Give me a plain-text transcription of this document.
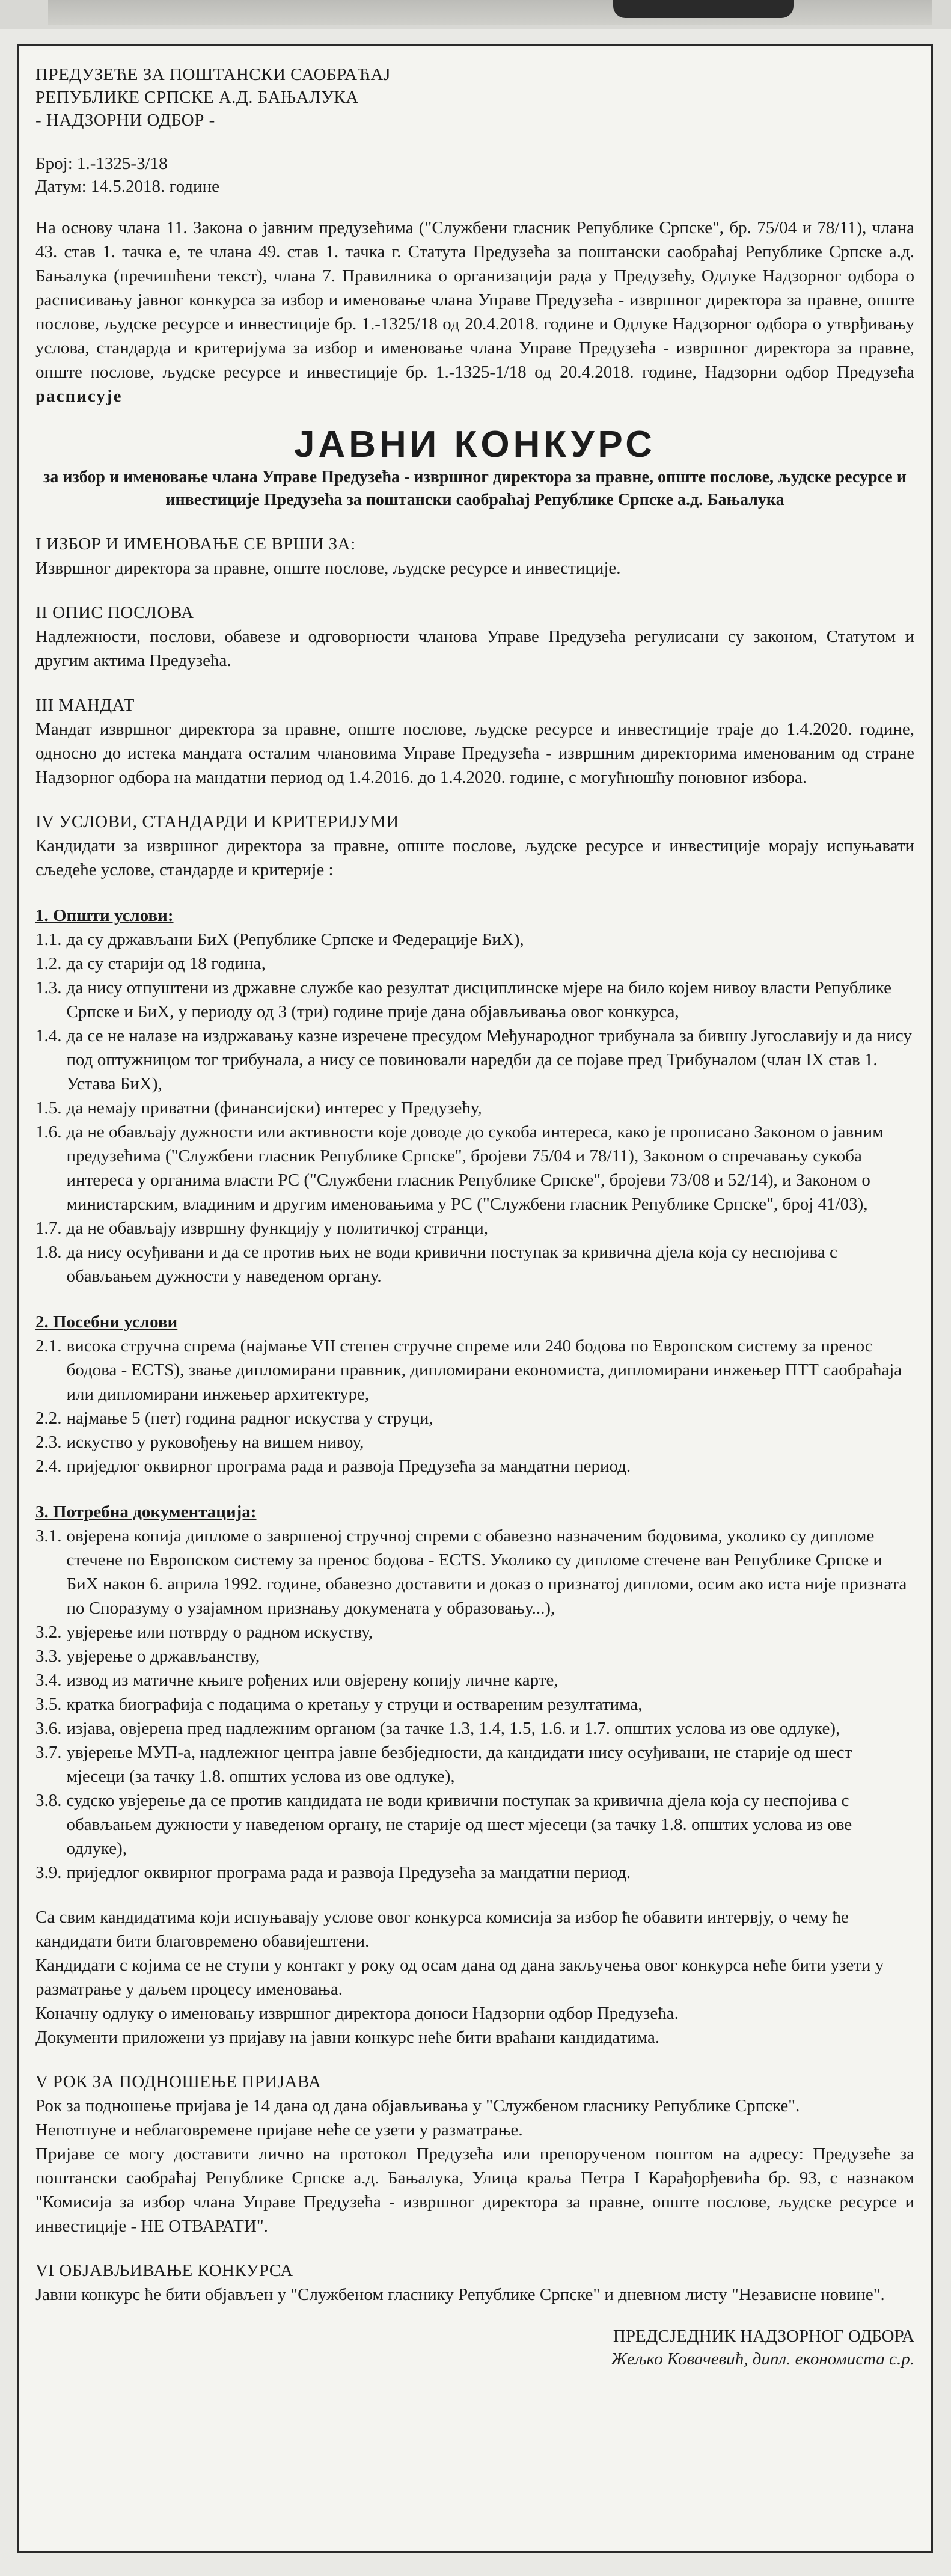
ПРЕДУЗЕЋЕ ЗА ПОШТАНСКИ САОБРАЋАЈ
РЕПУБЛИКЕ СРПСКЕ А.Д. БАЊАЛУКА
- НАДЗОРНИ ОДБОР -
Број: 1.-1325-3/18
Датум: 14.5.2018. године

На основу члана 11. Закона о јавним предузећима ("Службени гласник Републике Српске", бр. 75/04 и 78/11), члана 43. став 1. тачка е, те члана 49. став 1. тачка г. Статута Предузећа за поштански саобраћај Републике Српске а.д. Бањалука (пречишћени текст), члана 7. Правилника о организацији рада у Предузећу, Одлуке Надзорног одбора о расписивању јавног конкурса за избор и именовање члана Управе Предузећа - извршног директора за правне, опште послове, људске ресурсе и инвестиције бр. 1.-1325/18 од 20.4.2018. године и Одлуке Надзорног одбора о утврђивању услова, стандарда и критеријума за избор и именовање члана Управе Предузећа - извршног директора за правне, опште послове, људске ресурсе и инвестиције бр. 1.-1325-1/18 од 20.4.2018. године, Надзорни одбор Предузећа расписује

ЈАВНИ КОНКУРС
за избор и именовање члана Управе Предузећа - извршног директора за правне, опште послове, људске ресурсе и инвестиције Предузећа за поштански саобраћај Републике Српске а.д. Бањалука
I ИЗБОР И ИМЕНОВАЊЕ СЕ ВРШИ ЗА:

Извршног директора за правне, опште послове, људске ресурсе и инвестиције.

II ОПИС ПОСЛОВА

Надлежности, послови, обавезе и одговорности чланова Управе Предузећа регулисани су законом, Статутом и другим актима Предузећа.

III МАНДАТ

Мандат извршног директора за правне, опште послове, људске ресурсе и инвестиције траје до 1.4.2020. године, односно до истека мандата осталим члановима Управе Предузећа - извршним директорима именованим од стране Надзорног одбора на мандатни период од 1.4.2016. до 1.4.2020. године, с могућношћу поновног избора.

IV УСЛОВИ, СТАНДАРДИ И КРИТЕРИЈУМИ

Кандидати за извршног директора за правне, опште послове, људске ресурсе и инвестиције морају испуњавати сљедеће услове, стандарде и критерије :

1. Општи услови:
1.1. да су држављани БиХ (Републике Српске и Федерације БиХ),
1.2. да су старији од 18 година,
1.3. да нису отпуштени из државне службе као резултат дисциплинске мјере на било којем нивоу власти Републике Српске и БиХ, у периоду од 3 (три) године прије дана објављивања овог конкурса,
1.4. да се не налазе на издржавању казне изречене пресудом Међународног трибунала за бившу Југославију и да нису под оптужницом тог трибунала, а нису се повиновали наредби да се појаве пред Трибуналом (члан IX став 1. Устава БиХ),
1.5. да немају приватни (финансијски) интерес у Предузећу,
1.6. да не обављају дужности или активности које доводе до сукоба интереса, како је прописано Законом о јавним предузећима ("Службени гласник Републике Српске", бројеви 75/04 и 78/11), Законом о спречавању сукоба интереса у органима власти РС ("Службени гласник Републике Српске", бројеви 73/08 и 52/14), и Законом о министарским, владиним и другим именовањима у РС ("Службени гласник Републике Српске", број 41/03),
1.7. да не обављају извршну функцију у политичкој странци,
1.8. да нису осуђивани и да се против њих не води кривични поступак за кривична дјела која су неспојива с обављањем дужности у наведеном органу.
2. Посебни услови
2.1. висока стручна спрема (најмање VII степен стручне спреме или 240 бодова по Европском систему за пренос бодова - ECTS), звање дипломирани правник, дипломирани економиста, дипломирани инжењер ПТТ саобраћаја или дипломирани инжењер архитектуре,
2.2. најмање 5 (пет) година радног искуства у струци,
2.3. искуство у руковођењу на вишем нивоу,
2.4. приједлог оквирног програма рада и развоја Предузећа за мандатни период.
3. Потребна документација:
3.1. овјерена копија дипломе о завршеној стручној спреми с обавезно назначеним бодовима, уколико су дипломе стечене по Европском систему за пренос бодова - ECTS. Уколико су дипломе стечене ван Републике Српске и БиХ након 6. априла 1992. године, обавезно доставити и доказ о признатој дипломи, осим ако иста није призната по Споразуму о узајамном признању докумената у образовању...),
3.2. увјерење или потврду о радном искуству,
3.3. увјерење о држављанству,
3.4. извод из матичне књиге рођених или овјерену копију личне карте,
3.5. кратка биографија с подацима о кретању у струци и оствареним резултатима,
3.6. изјава, овјерена пред надлежним органом (за тачке 1.3, 1.4, 1.5, 1.6. и 1.7. општих услова из ове одлуке),
3.7. увјерење МУП-а, надлежног центра јавне безбједности, да кандидати нису осуђивани, не старије од шест мјесеци (за тачку 1.8. општих услова из ове одлуке),
3.8. судско увјерење да се против кандидата не води кривични поступак за кривична дјела која су неспојива с обављањем дужности у наведеном органу, не старије од шест мјесеци (за тачку 1.8. општих услова из ове одлуке),
3.9. приједлог оквирног програма рада и развоја Предузећа за мандатни период.
Са свим кандидатима који испуњавају услове овог конкурса комисија за избор ће обавити интервју, о чему ће кандидати бити благовремено обавијештени.
Кандидати с којима се не ступи у контакт у року од осам дана од дана закључења овог конкурса неће бити узети у разматрање у даљем процесу именовања.
Коначну одлуку о именовању извршног директора доноси Надзорни одбор Предузећа.
Документи приложени уз пријаву на јавни конкурс неће бити враћани кандидатима.
V РОК ЗА ПОДНОШЕЊЕ ПРИЈАВА
Рок за подношење пријава је 14 дана од дана објављивања у "Службеном гласнику Републике Српске".
Непотпуне и неблаговремене пријаве неће се узети у разматрање.

Пријаве се могу доставити лично на протокол Предузећа или препорученом поштом на адресу: Предузеће за поштански саобраћај Републике Српске а.д. Бањалука, Улица краља Петра I Карађорђевића бр. 93, с назнаком "Комисија за избор члана Управе Предузећа - извршног директора за правне, опште послове, људске ресурсе и инвестиције - НЕ ОТВАРАТИ".

VI ОБЈАВЉИВАЊЕ КОНКУРСА

Јавни конкурс ће бити објављен у "Службеном гласнику Републике Српске" и дневном листу "Независне новине".

ПРЕДСЈЕДНИК НАДЗОРНОГ ОДБОРА
Жељко Ковачевић, дипл. економиста с.р.
